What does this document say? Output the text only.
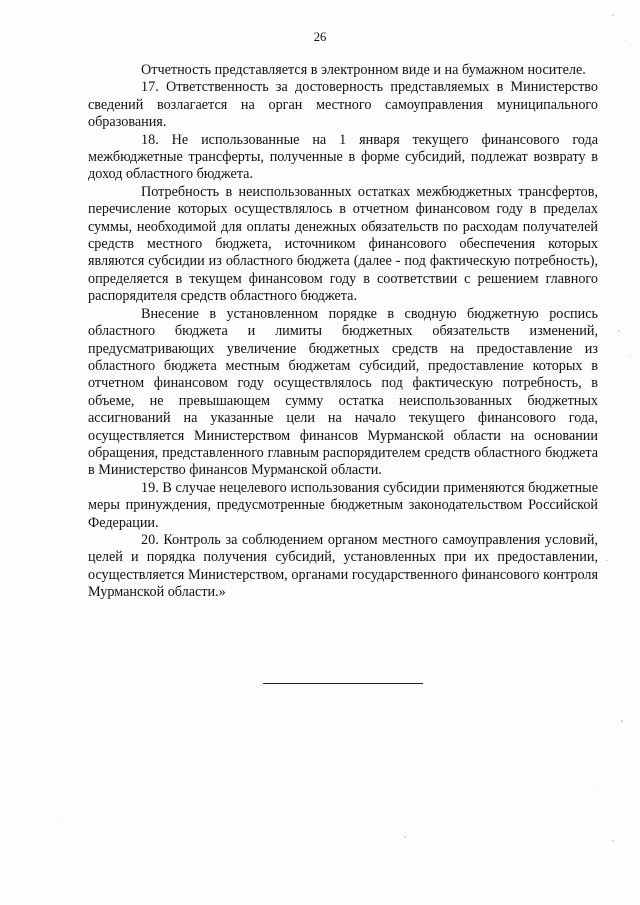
26

Отчетность представляется в электронном виде и на бумажном носителе.

17. Ответственность за достоверность представляемых в Министерство сведений возлагается на орган местного самоуправления муниципального образования.

18. Не использованные на 1 января текущего финансового года межбюджетные трансферты, полученные в форме субсидий, подлежат возврату в доход областного бюджета.

Потребность в неиспользованных остатках межбюджетных трансфертов, перечисление которых осуществлялось в отчетном финансовом году в пределах суммы, необходимой для оплаты денежных обязательств по расходам получателей средств местного бюджета, источником финансового обеспечения которых являются субсидии из областного бюджета (далее - под фактическую потребность), определяется в текущем финансовом году в соответствии с решением главного распорядителя средств областного бюджета.

Внесение в установленном порядке в сводную бюджетную роспись областного бюджета и лимиты бюджетных обязательств изменений, предусматривающих увеличение бюджетных средств на предоставление из областного бюджета местным бюджетам субсидий, предоставление которых в отчетном финансовом году осуществлялось под фактическую потребность, в объеме, не превышающем сумму остатка неиспользованных бюджетных ассигнований на указанные цели на начало текущего финансового года, осуществляется Министерством финансов Мурманской области на основании обращения, представленного главным распорядителем средств областного бюджета в Министерство финансов Мурманской области.

19. В случае нецелевого использования субсидии применяются бюджетные меры принуждения, предусмотренные бюджетным законодательством Российской Федерации.

20. Контроль за соблюдением органом местного самоуправления условий, целей и порядка получения субсидий, установленных при их предоставлении, осуществляется Министерством, органами государственного финансового контроля Мурманской области.»
